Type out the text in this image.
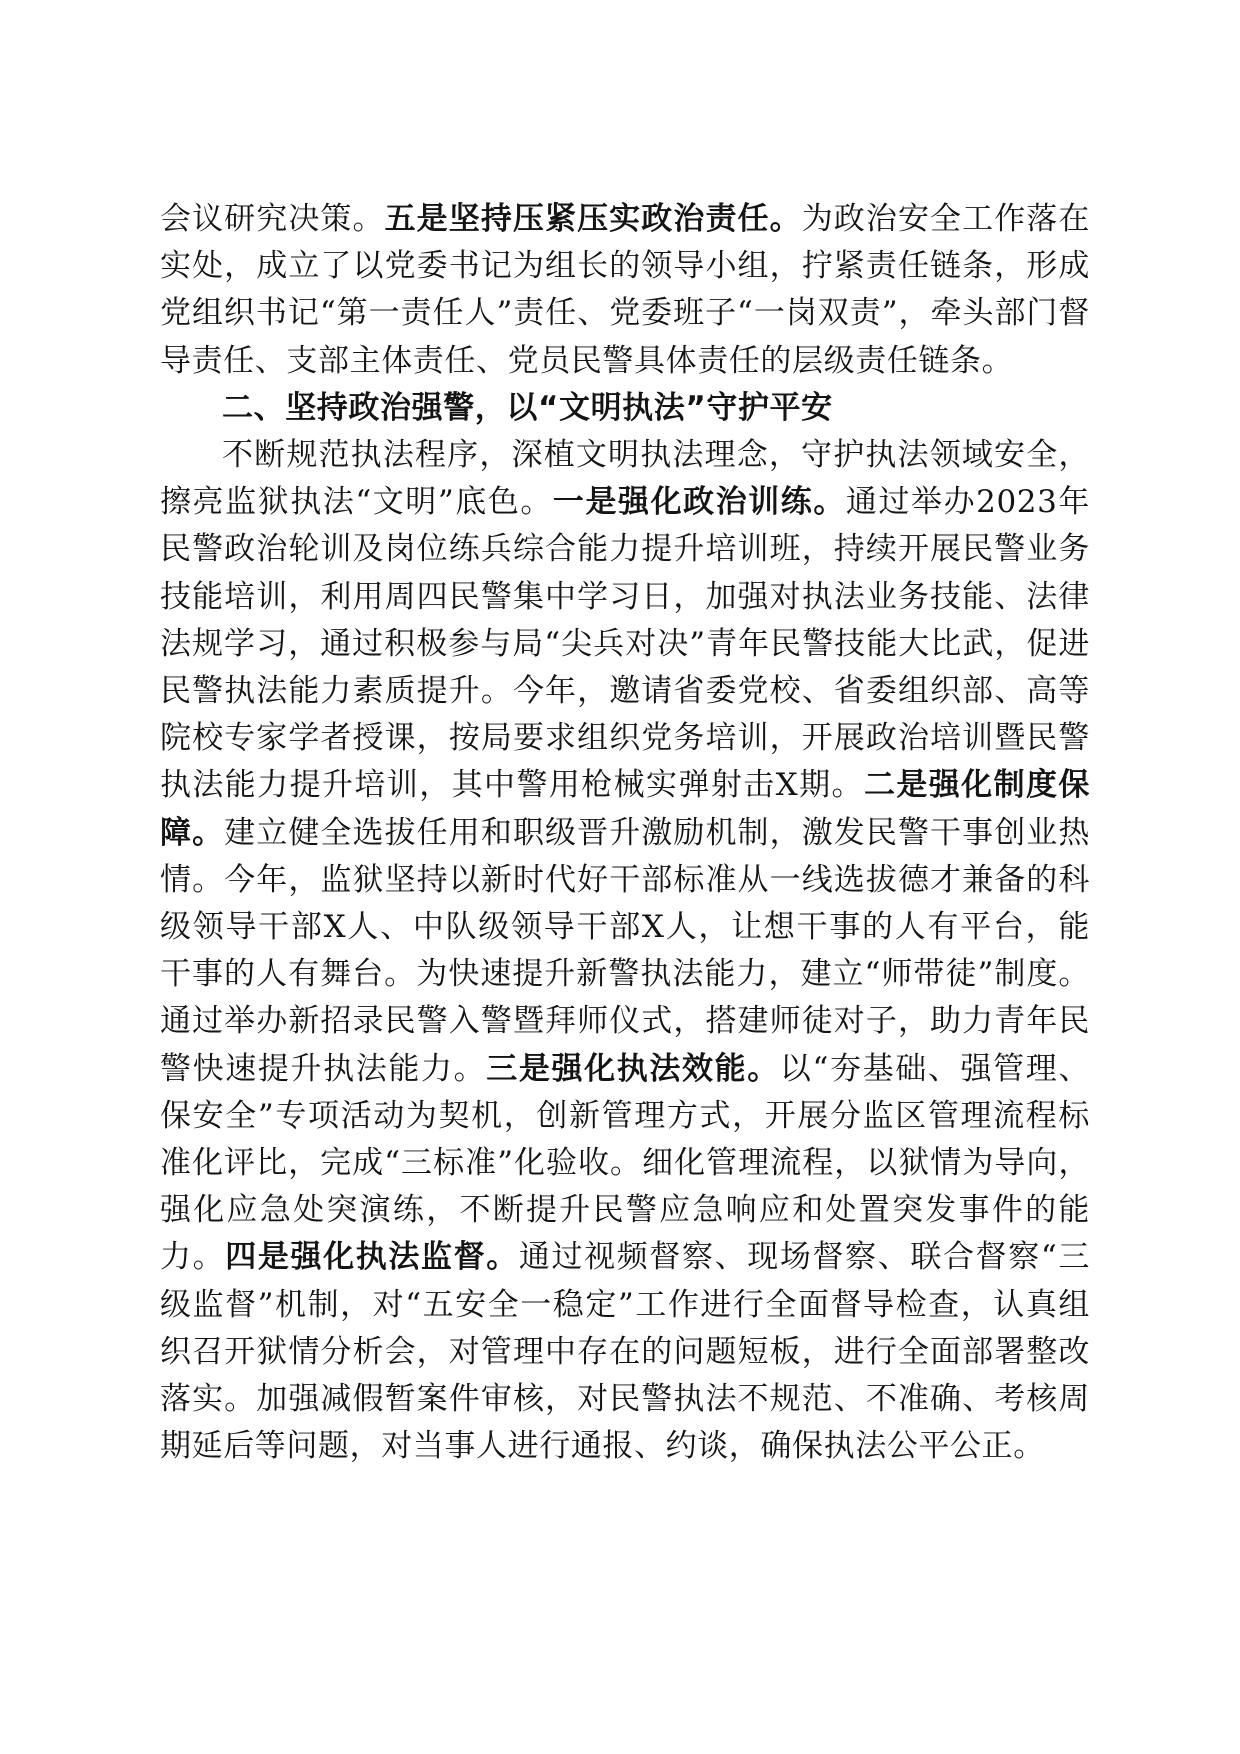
会议研究决策。五是坚持压紧压实政治责任。为政治安全工作落在实处，成立了以党委书记为组长的领导小组，拧紧责任链条，形成党组织书记“第一责任人”责任、党委班子“一岗双责”，牵头部门督导责任、支部主体责任、党员民警具体责任的层级责任链条。

二、坚持政治强警，以“文明执法”守护平安

不断规范执法程序，深植文明执法理念，守护执法领域安全，擦亮监狱执法“文明”底色。一是强化政治训练。通过举办2023年民警政治轮训及岗位练兵综合能力提升培训班，持续开展民警业务技能培训，利用周四民警集中学习日，加强对执法业务技能、法律法规学习，通过积极参与局“尖兵对决”青年民警技能大比武，促进民警执法能力素质提升。今年，邀请省委党校、省委组织部、高等院校专家学者授课，按局要求组织党务培训，开展政治培训暨民警执法能力提升培训，其中警用枪械实弹射击X期。二是强化制度保障。建立健全选拔任用和职级晋升激励机制，激发民警干事创业热情。今年，监狱坚持以新时代好干部标准从一线选拔德才兼备的科级领导干部X人、中队级领导干部X人，让想干事的人有平台，能干事的人有舞台。为快速提升新警执法能力，建立“师带徒”制度。通过举办新招录民警入警暨拜师仪式，搭建师徒对子，助力青年民警快速提升执法能力。三是强化执法效能。以“夯基础、强管理、保安全”专项活动为契机，创新管理方式，开展分监区管理流程标准化评比，完成“三标准”化验收。细化管理流程，以狱情为导向，强化应急处突演练，不断提升民警应急响应和处置突发事件的能力。四是强化执法监督。通过视频督察、现场督察、联合督察“三级监督”机制，对“五安全一稳定”工作进行全面督导检查，认真组织召开狱情分析会，对管理中存在的问题短板，进行全面部署整改落实。加强减假暂案件审核，对民警执法不规范、不准确、考核周期延后等问题，对当事人进行通报、约谈，确保执法公平公正。
